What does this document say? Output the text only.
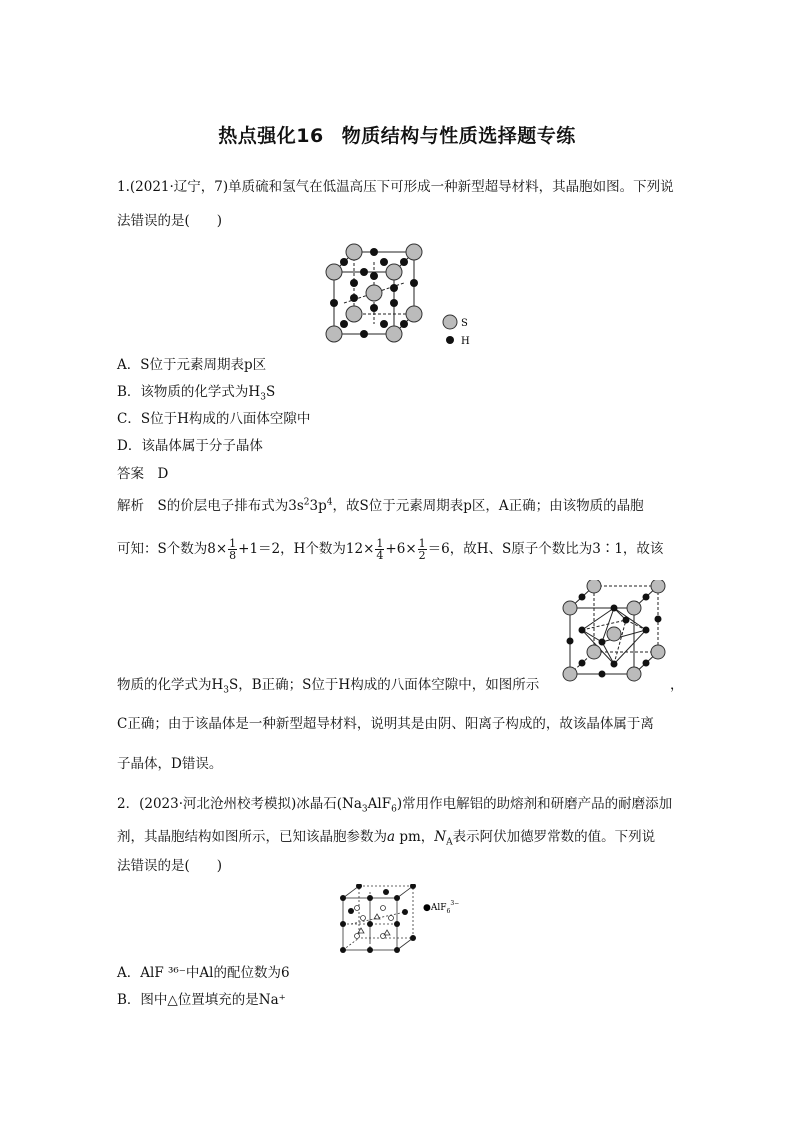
热点强化16 物质结构与性质选择题专练
1.(2021·辽宁，7)单质硫和氢气在低温高压下可形成一种新型超导材料，其晶胞如图。下列说
法错误的是(　　)
S
H
A．S位于元素周期表p区
B．该物质的化学式为$H_3S$
C．S位于H构成的八面体空隙中
D．该晶体属于分子晶体
答案　D
解析　S的价层电子排布式为$3s^23p^4$，故S位于元素周期表p区，A正确；由该物质的晶胞
可知：S个数为$8\times \frac{1}{8} +1=2$，H个数为$12\times \frac{1}{4} +6\times \frac{1}{2} =6$，故H、S原子个数比为3∶1，故该
物质的化学式为$H_3S$，B正确；S位于H构成的八面体空隙中，如图所示	，
C正确；由于该晶体是一种新型超导材料，说明其是由阴、阳离子构成的，故该晶体属于离
子晶体，D错误。
2．(2023·河北沧州校考模拟)冰晶石$(Na_3AlF_6)$常用作电解铝的助熔剂和研磨产品的耐磨添加
剂，其晶胞结构如图所示，已知该晶胞参数为a pm，$N_A$表示阿伏加德罗常数的值。下列说
法错误的是(　　)
●AlF$_6^{3-}$
A．AlF ³⁶⁻中Al的配位数为6
B．图中△位置填充的是Na⁺
